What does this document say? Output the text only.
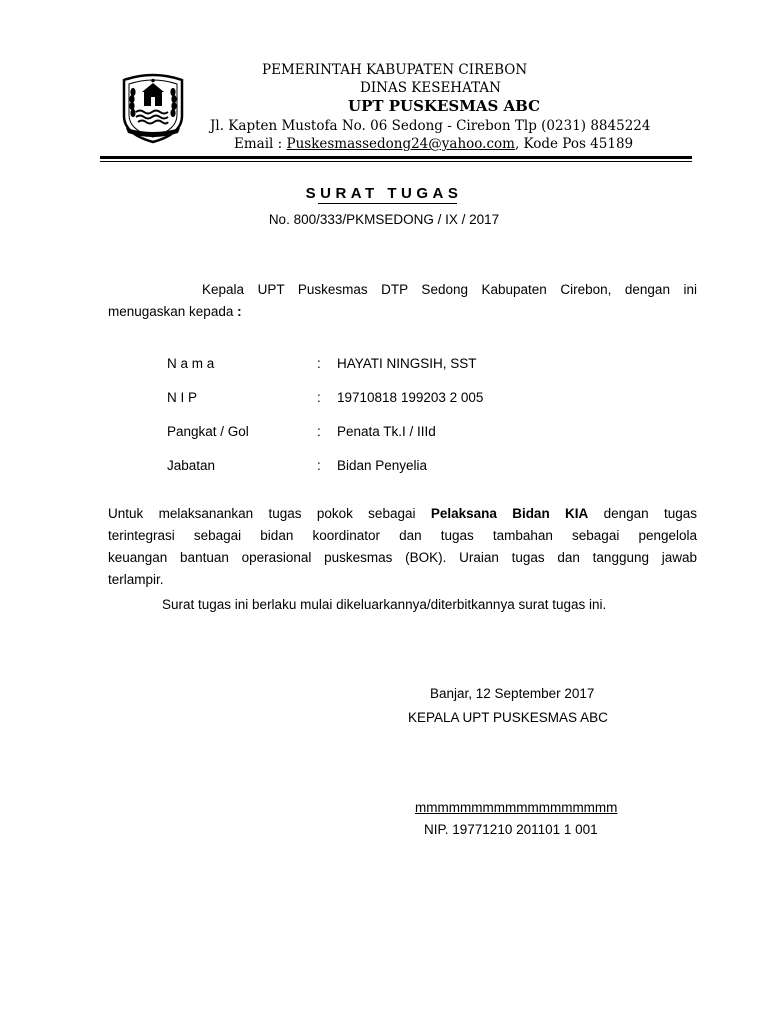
PEMERINTAH KABUPATEN CIREBON
DINAS KESEHATAN
UPT PUSKESMAS ABC
Jl. Kapten Mustofa No. 06 Sedong - Cirebon Tlp (0231) 8845224
Email : Puskesmassedong24@yahoo.com, Kode Pos 45189
SURAT TUGAS
No. 800/333/PKMSEDONG / IX / 2017
Kepala UPT Puskesmas DTP Sedong Kabupaten Cirebon, dengan ini
menugaskan kepada :
N a m a	: HAYATI NINGSIH, SST
N I P	: 19710818 199203 2 005
Pangkat / Gol	: Penata Tk.I / IIId
Jabatan	: Bidan Penyelia
Untuk melaksanankan tugas pokok sebagai Pelaksana Bidan KIA dengan tugas
terintegrasi sebagai bidan koordinator dan tugas tambahan sebagai pengelola
keuangan bantuan operasional puskesmas (BOK). Uraian tugas dan tanggung jawab
terlampir.
Surat tugas ini berlaku mulai dikeluarkannya/diterbitkannya surat tugas ini.
Banjar, 12 September 2017
KEPALA UPT PUSKESMAS ABC
mmmmmmmmmmmmmmmmmm
NIP. 19771210 201101 1 001
